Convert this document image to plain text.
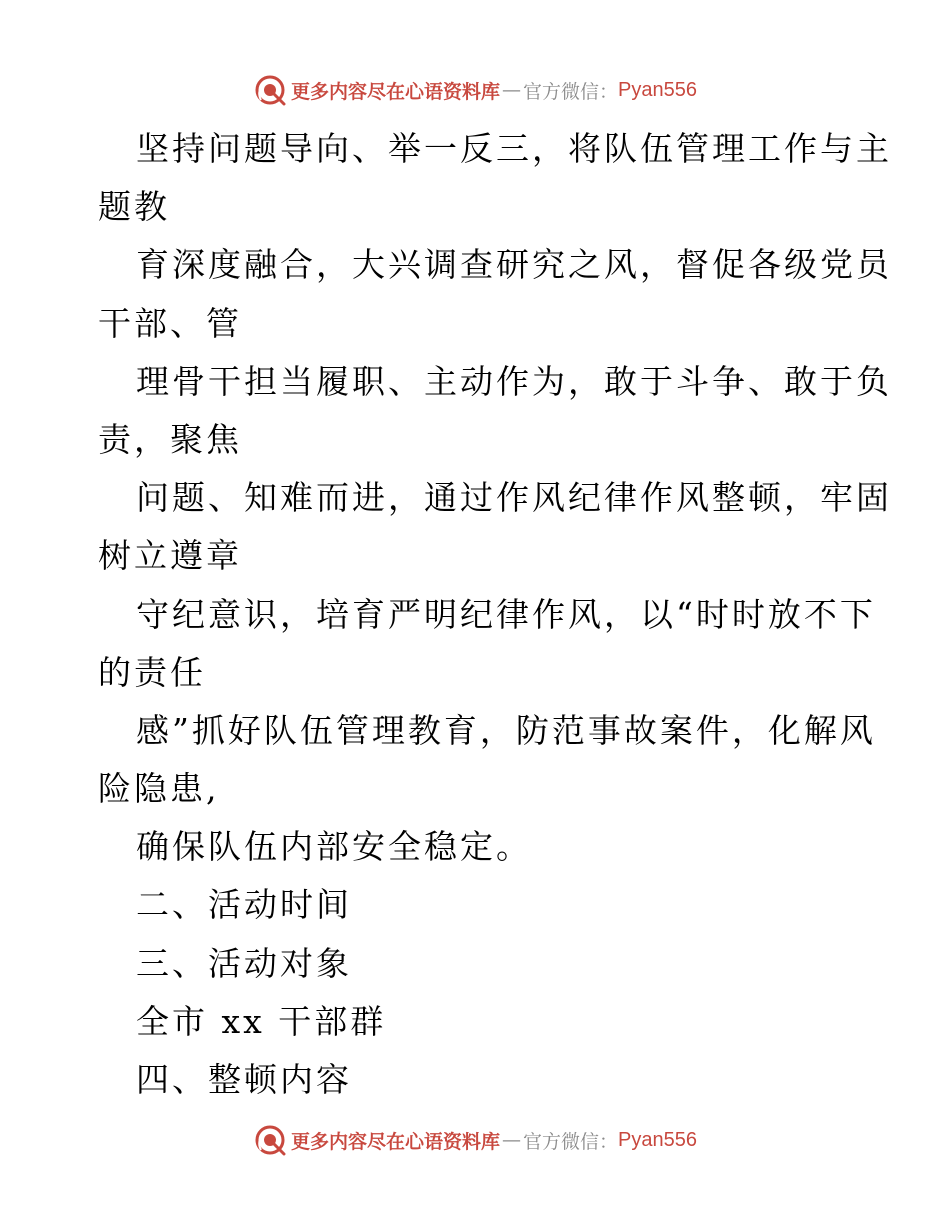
更多内容尽在心语资料库 — 官方微信： Pyan556
坚持问题导向、举一反三，将队伍管理工作与主
题教
育深度融合，大兴调查研究之风，督促各级党员
干部、管
理骨干担当履职、主动作为，敢于斗争、敢于负
责，聚焦
问题、知难而进，通过作风纪律作风整顿，牢固
树立遵章
守纪意识，培育严明纪律作风，以“时时放不下
的责任
感”抓好队伍管理教育，防范事故案件，化解风
险隐患,
确保队伍内部安全稳定。
二、活动时间
三、活动对象
全市 xx 干部群
四、整顿内容
更多内容尽在心语资料库 — 官方微信： Pyan556
